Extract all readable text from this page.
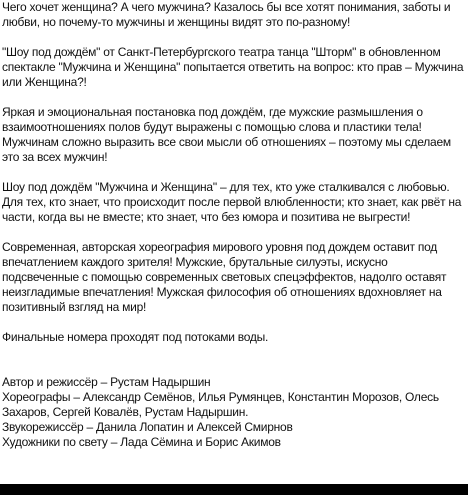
Чего хочет женщина? А чего мужчина? Казалось бы все хотят понимания, заботы и любви, но почему-то мужчины и женщины видят это по-разному!

"Шоу под дождём" от Санкт-Петербургского театра танца "Шторм" в обновленном спектакле "Мужчина и Женщина" попытается ответить на вопрос: кто прав – Мужчина или Женщина?!

Яркая и эмоциональная постановка под дождём, где мужские размышления о взаимоотношениях полов будут выражены с помощью слова и пластики тела! Мужчинам сложно выразить все свои мысли об отношениях – поэтому мы сделаем это за всех мужчин!

Шоу под дождём "Мужчина и Женщина" – для тех, кто уже сталкивался с любовью. Для тех, кто знает, что происходит после первой влюбленности; кто знает, как рвёт на части, когда вы не вместе; кто знает, что без юмора и позитива не выгрести!

Современная, авторская хореография мирового уровня под дождем оставит под впечатлением каждого зрителя! Мужские, брутальные силуэты, искусно подсвеченные с помощью современных световых спецэффектов, надолго оставят неизгладимые впечатления! Мужская философия об отношениях вдохновляет на позитивный взгляд на мир!

Финальные номера проходят под потоками воды.

Автор и режиссёр – Рустам Надыршин
Хореографы – Александр Семёнов, Илья Румянцев, Константин Морозов, Олесь Захаров, Сергей Ковалёв, Рустам Надыршин.
Звукорежиссёр – Данила Лопатин и Алексей Смирнов
Художники по свету – Лада Сёмина и Борис Акимов
